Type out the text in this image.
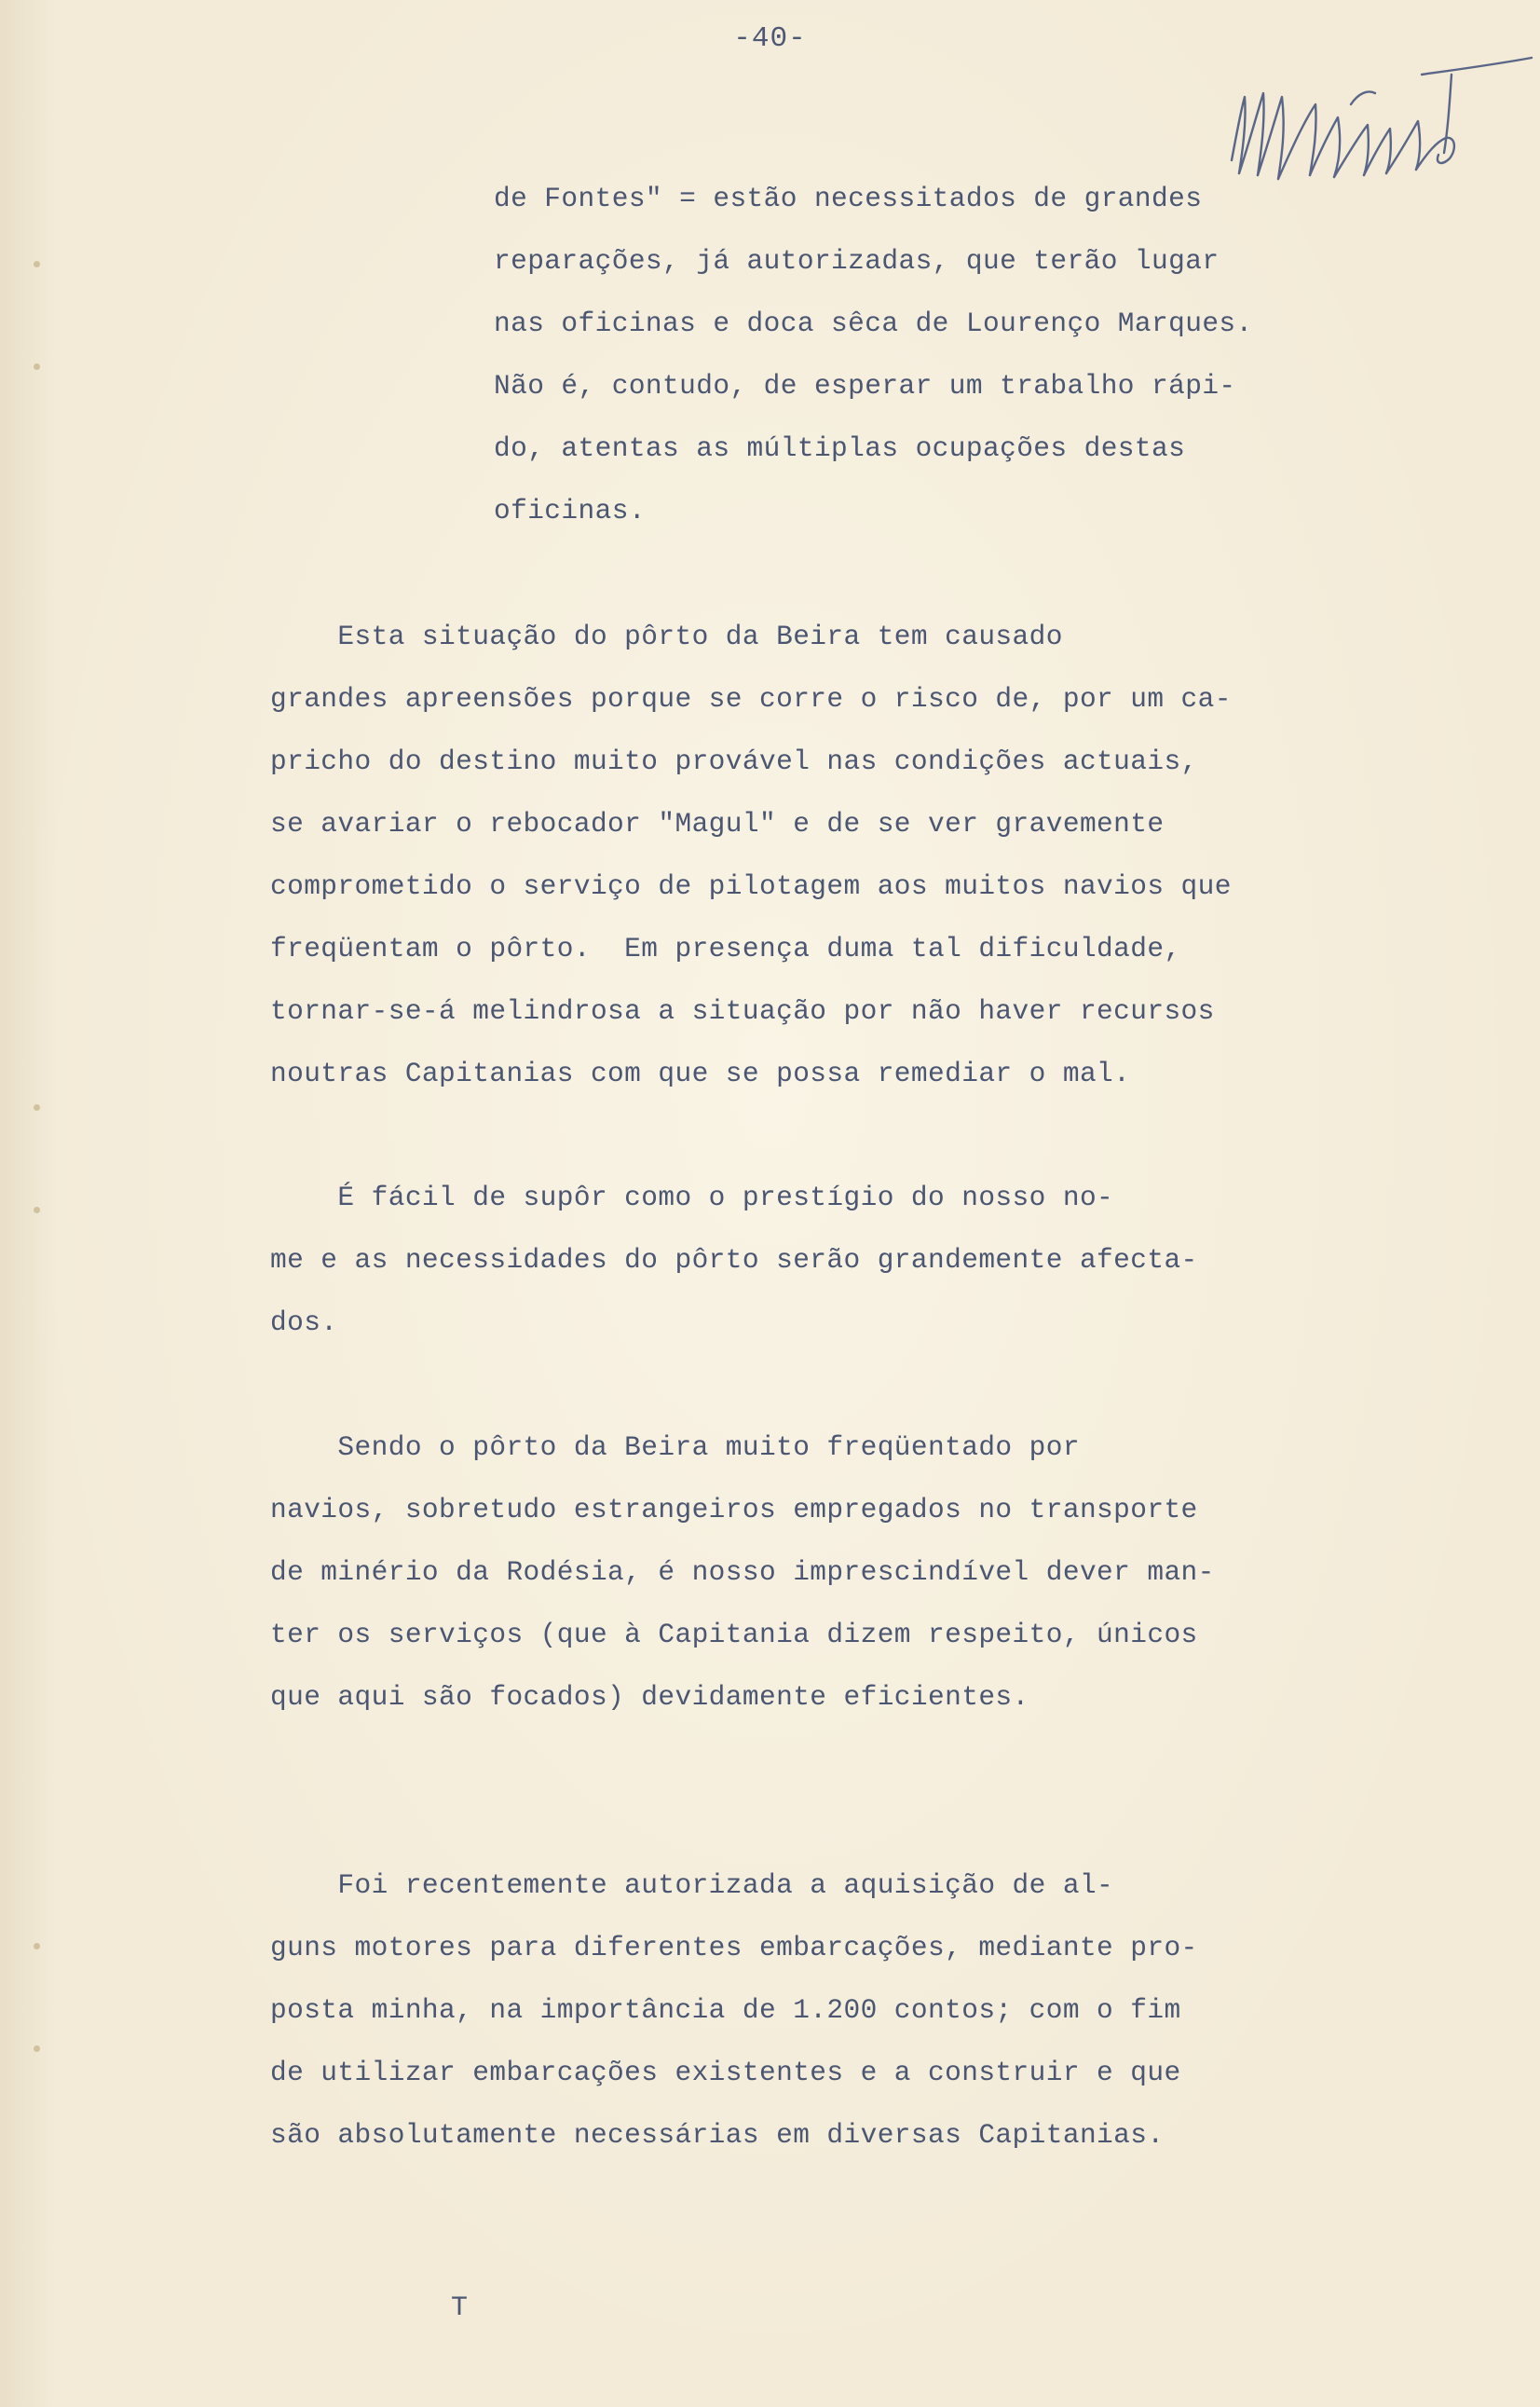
-40-
de Fontes" = estão necessitados de grandes
reparações, já autorizadas, que terão lugar
nas oficinas e doca sêca de Lourenço Marques.
Não é, contudo, de esperar um trabalho rápi-
do, atentas as múltiplas ocupações destas
oficinas.
Esta situação do pôrto da Beira tem causado
grandes apreensões porque se corre o risco de, por um ca-
pricho do destino muito provável nas condições actuais,
se avariar o rebocador "Magul" e de se ver gravemente
comprometido o serviço de pilotagem aos muitos navios que
freqüentam o pôrto.  Em presença duma tal dificuldade,
tornar-se-á melindrosa a situação por não haver recursos
noutras Capitanias com que se possa remediar o mal.
É fácil de supôr como o prestígio do nosso no-
me e as necessidades do pôrto serão grandemente afecta-
dos.
Sendo o pôrto da Beira muito freqüentado por
navios, sobretudo estrangeiros empregados no transporte
de minério da Rodésia, é nosso imprescindível dever man-
ter os serviços (que à Capitania dizem respeito, únicos
que aqui são focados) devidamente eficientes.
Foi recentemente autorizada a aquisição de al-
guns motores para diferentes embarcações, mediante pro-
posta minha, na importância de 1.200 contos; com o fim
de utilizar embarcações existentes e a construir e que
são absolutamente necessárias em diversas Capitanias.
T
